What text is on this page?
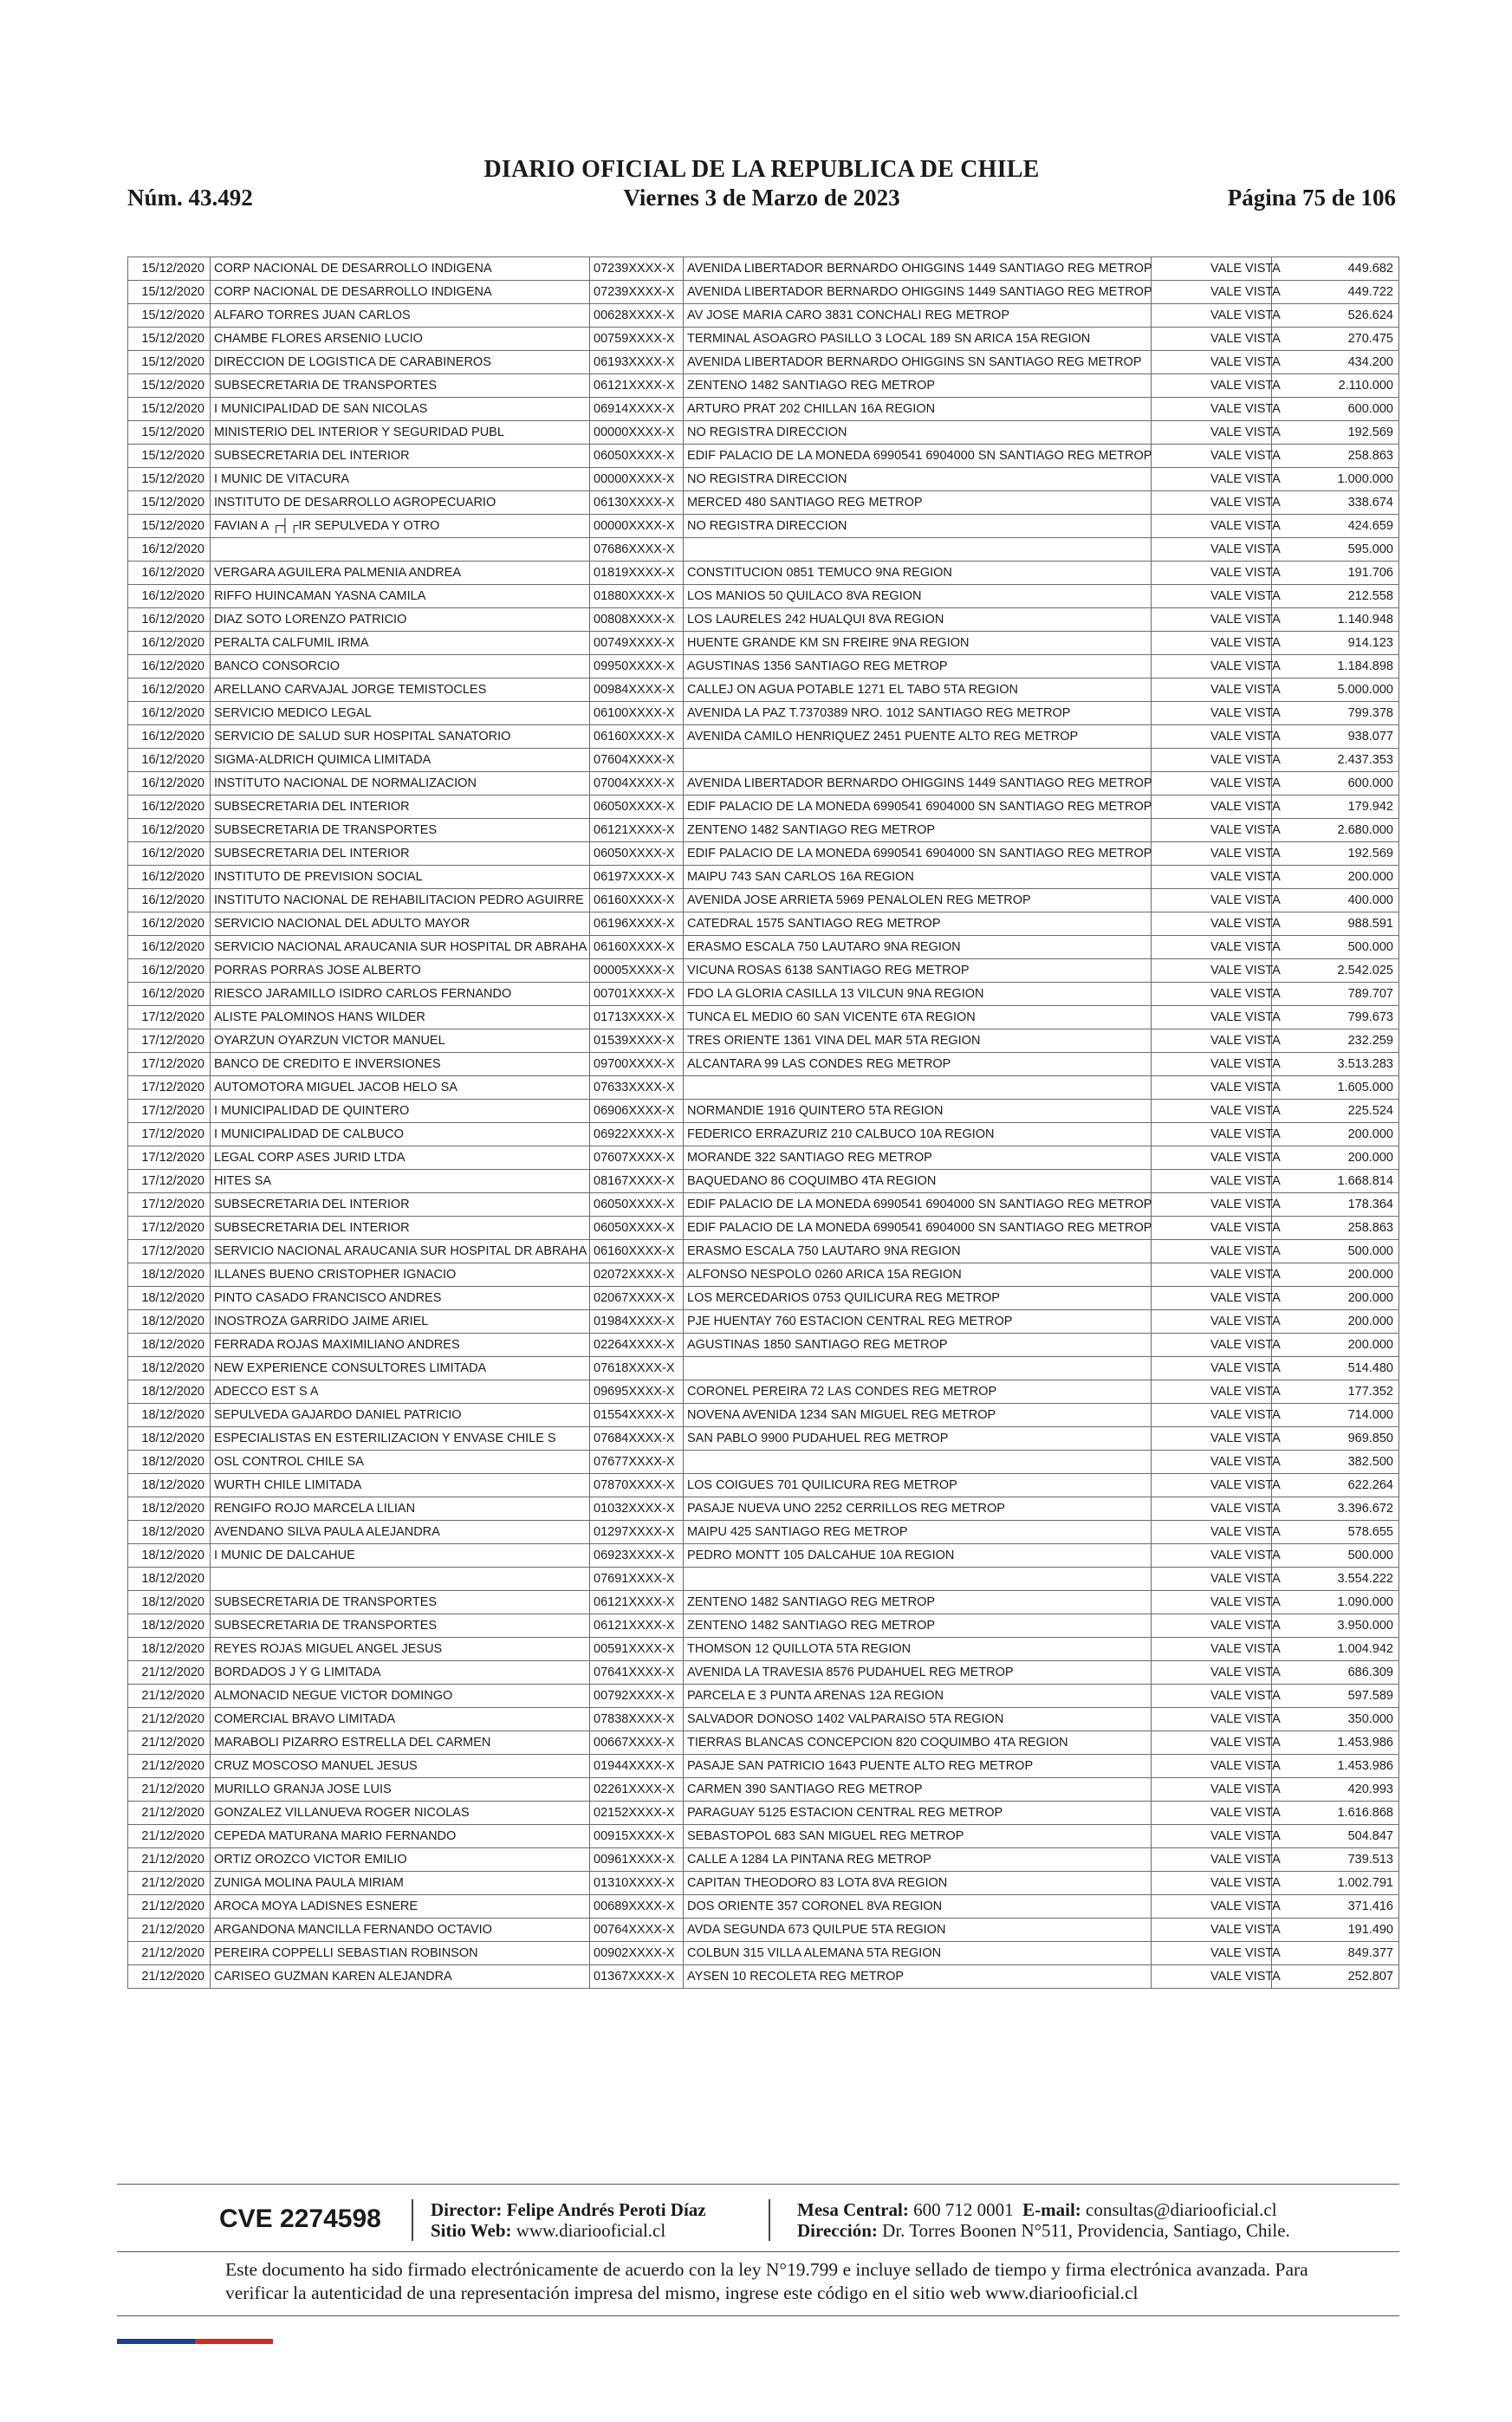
Núm. 43.492
DIARIO OFICIAL DE LA REPUBLICA DE CHILE
Viernes 3 de Marzo de 2023	Página 75 de 106
15/12/2020	CORP NACIONAL DE DESARROLLO INDIGENA	07239XXXX-X	AVENIDA LIBERTADOR BERNARDO OHIGGINS 1449 SANTIAGO REG METROP	VALE VISTA	449.682
15/12/2020	CORP NACIONAL DE DESARROLLO INDIGENA	07239XXXX-X	AVENIDA LIBERTADOR BERNARDO OHIGGINS 1449 SANTIAGO REG METROP	VALE VISTA	449.722
15/12/2020	ALFARO TORRES JUAN CARLOS	00628XXXX-X	AV JOSE MARIA CARO 3831 CONCHALI REG METROP	VALE VISTA	526.624
15/12/2020	CHAMBE FLORES ARSENIO LUCIO	00759XXXX-X	TERMINAL ASOAGRO PASILLO 3 LOCAL 189 SN ARICA 15A REGION	VALE VISTA	270.475
15/12/2020	DIRECCION DE LOGISTICA DE CARABINEROS	06193XXXX-X	AVENIDA LIBERTADOR BERNARDO OHIGGINS SN SANTIAGO REG METROP	VALE VISTA	434.200
15/12/2020	SUBSECRETARIA DE TRANSPORTES	06121XXXX-X	ZENTENO 1482 SANTIAGO REG METROP	VALE VISTA	2.110.000
15/12/2020	I MUNICIPALIDAD DE SAN NICOLAS	06914XXXX-X	ARTURO PRAT 202 CHILLAN 16A REGION	VALE VISTA	600.000
15/12/2020	MINISTERIO DEL INTERIOR Y SEGURIDAD PUBL	00000XXXX-X	NO REGISTRA DIRECCION	VALE VISTA	192.569
15/12/2020	SUBSECRETARIA DEL INTERIOR	06050XXXX-X	EDIF PALACIO DE LA MONEDA 6990541 6904000 SN SANTIAGO REG METROP	VALE VISTA	258.863
15/12/2020	I MUNIC DE VITACURA	00000XXXX-X	NO REGISTRA DIRECCION	VALE VISTA	1.000.000
15/12/2020	INSTITUTO DE DESARROLLO AGROPECUARIO	06130XXXX-X	MERCED 480 SANTIAGO REG METROP	VALE VISTA	338.674
15/12/2020	FAVIAN A ┌┤┌IR SEPULVEDA Y OTRO	00000XXXX-X	NO REGISTRA DIRECCION	VALE VISTA	424.659
16/12/2020		07686XXXX-X		VALE VISTA	595.000
16/12/2020	VERGARA AGUILERA PALMENIA ANDREA	01819XXXX-X	CONSTITUCION 0851 TEMUCO 9NA REGION	VALE VISTA	191.706
16/12/2020	RIFFO HUINCAMAN YASNA CAMILA	01880XXXX-X	LOS MANIOS 50 QUILACO 8VA REGION	VALE VISTA	212.558
16/12/2020	DIAZ SOTO LORENZO PATRICIO	00808XXXX-X	LOS LAURELES 242 HUALQUI 8VA REGION	VALE VISTA	1.140.948
16/12/2020	PERALTA CALFUMIL IRMA	00749XXXX-X	HUENTE GRANDE KM SN FREIRE 9NA REGION	VALE VISTA	914.123
16/12/2020	BANCO CONSORCIO	09950XXXX-X	AGUSTINAS 1356 SANTIAGO REG METROP	VALE VISTA	1.184.898
16/12/2020	ARELLANO CARVAJAL JORGE TEMISTOCLES	00984XXXX-X	CALLEJ ON AGUA POTABLE 1271 EL TABO 5TA REGION	VALE VISTA	5.000.000
16/12/2020	SERVICIO MEDICO LEGAL	06100XXXX-X	AVENIDA LA PAZ T.7370389 NRO. 1012 SANTIAGO REG METROP	VALE VISTA	799.378
16/12/2020	SERVICIO DE SALUD SUR HOSPITAL SANATORIO	06160XXXX-X	AVENIDA CAMILO HENRIQUEZ 2451 PUENTE ALTO REG METROP	VALE VISTA	938.077
16/12/2020	SIGMA-ALDRICH QUIMICA LIMITADA	07604XXXX-X		VALE VISTA	2.437.353
16/12/2020	INSTITUTO NACIONAL DE NORMALIZACION	07004XXXX-X	AVENIDA LIBERTADOR BERNARDO OHIGGINS 1449 SANTIAGO REG METROP	VALE VISTA	600.000
16/12/2020	SUBSECRETARIA DEL INTERIOR	06050XXXX-X	EDIF PALACIO DE LA MONEDA 6990541 6904000 SN SANTIAGO REG METROP	VALE VISTA	179.942
16/12/2020	SUBSECRETARIA DE TRANSPORTES	06121XXXX-X	ZENTENO 1482 SANTIAGO REG METROP	VALE VISTA	2.680.000
16/12/2020	SUBSECRETARIA DEL INTERIOR	06050XXXX-X	EDIF PALACIO DE LA MONEDA 6990541 6904000 SN SANTIAGO REG METROP	VALE VISTA	192.569
16/12/2020	INSTITUTO DE PREVISION SOCIAL	06197XXXX-X	MAIPU 743 SAN CARLOS 16A REGION	VALE VISTA	200.000
16/12/2020	INSTITUTO NACIONAL DE REHABILITACION PEDRO AGUIRRE	06160XXXX-X	AVENIDA JOSE ARRIETA 5969 PENALOLEN REG METROP	VALE VISTA	400.000
16/12/2020	SERVICIO NACIONAL DEL ADULTO MAYOR	06196XXXX-X	CATEDRAL 1575 SANTIAGO REG METROP	VALE VISTA	988.591
16/12/2020	SERVICIO NACIONAL ARAUCANIA SUR HOSPITAL DR ABRAHA	06160XXXX-X	ERASMO ESCALA 750 LAUTARO 9NA REGION	VALE VISTA	500.000
16/12/2020	PORRAS PORRAS JOSE ALBERTO	00005XXXX-X	VICUNA ROSAS 6138 SANTIAGO REG METROP	VALE VISTA	2.542.025
16/12/2020	RIESCO JARAMILLO ISIDRO CARLOS FERNANDO	00701XXXX-X	FDO LA GLORIA CASILLA 13 VILCUN 9NA REGION	VALE VISTA	789.707
17/12/2020	ALISTE PALOMINOS HANS WILDER	01713XXXX-X	TUNCA EL MEDIO 60 SAN VICENTE 6TA REGION	VALE VISTA	799.673
17/12/2020	OYARZUN OYARZUN VICTOR MANUEL	01539XXXX-X	TRES ORIENTE 1361 VINA DEL MAR 5TA REGION	VALE VISTA	232.259
17/12/2020	BANCO DE CREDITO E INVERSIONES	09700XXXX-X	ALCANTARA 99 LAS CONDES REG METROP	VALE VISTA	3.513.283
17/12/2020	AUTOMOTORA MIGUEL JACOB HELO SA	07633XXXX-X		VALE VISTA	1.605.000
17/12/2020	I MUNICIPALIDAD DE QUINTERO	06906XXXX-X	NORMANDIE 1916 QUINTERO 5TA REGION	VALE VISTA	225.524
17/12/2020	I MUNICIPALIDAD DE CALBUCO	06922XXXX-X	FEDERICO ERRAZURIZ 210 CALBUCO 10A REGION	VALE VISTA	200.000
17/12/2020	LEGAL CORP ASES JURID LTDA	07607XXXX-X	MORANDE 322 SANTIAGO REG METROP	VALE VISTA	200.000
17/12/2020	HITES SA	08167XXXX-X	BAQUEDANO 86 COQUIMBO 4TA REGION	VALE VISTA	1.668.814
17/12/2020	SUBSECRETARIA DEL INTERIOR	06050XXXX-X	EDIF PALACIO DE LA MONEDA 6990541 6904000 SN SANTIAGO REG METROP	VALE VISTA	178.364
17/12/2020	SUBSECRETARIA DEL INTERIOR	06050XXXX-X	EDIF PALACIO DE LA MONEDA 6990541 6904000 SN SANTIAGO REG METROP	VALE VISTA	258.863
17/12/2020	SERVICIO NACIONAL ARAUCANIA SUR HOSPITAL DR ABRAHA	06160XXXX-X	ERASMO ESCALA 750 LAUTARO 9NA REGION	VALE VISTA	500.000
18/12/2020	ILLANES BUENO CRISTOPHER IGNACIO	02072XXXX-X	ALFONSO NESPOLO 0260 ARICA 15A REGION	VALE VISTA	200.000
18/12/2020	PINTO CASADO FRANCISCO ANDRES	02067XXXX-X	LOS MERCEDARIOS 0753 QUILICURA REG METROP	VALE VISTA	200.000
18/12/2020	INOSTROZA GARRIDO JAIME ARIEL	01984XXXX-X	PJE HUENTAY 760 ESTACION CENTRAL REG METROP	VALE VISTA	200.000
18/12/2020	FERRADA ROJAS MAXIMILIANO ANDRES	02264XXXX-X	AGUSTINAS 1850 SANTIAGO REG METROP	VALE VISTA	200.000
18/12/2020	NEW EXPERIENCE CONSULTORES LIMITADA	07618XXXX-X		VALE VISTA	514.480
18/12/2020	ADECCO EST S A	09695XXXX-X	CORONEL PEREIRA 72 LAS CONDES REG METROP	VALE VISTA	177.352
18/12/2020	SEPULVEDA GAJARDO DANIEL PATRICIO	01554XXXX-X	NOVENA AVENIDA 1234 SAN MIGUEL REG METROP	VALE VISTA	714.000
18/12/2020	ESPECIALISTAS EN ESTERILIZACION Y ENVASE CHILE S	07684XXXX-X	SAN PABLO 9900 PUDAHUEL REG METROP	VALE VISTA	969.850
18/12/2020	OSL CONTROL CHILE SA	07677XXXX-X		VALE VISTA	382.500
18/12/2020	WURTH CHILE LIMITADA	07870XXXX-X	LOS COIGUES 701 QUILICURA REG METROP	VALE VISTA	622.264
18/12/2020	RENGIFO ROJO MARCELA LILIAN	01032XXXX-X	PASAJE NUEVA UNO 2252 CERRILLOS REG METROP	VALE VISTA	3.396.672
18/12/2020	AVENDANO SILVA PAULA ALEJANDRA	01297XXXX-X	MAIPU 425 SANTIAGO REG METROP	VALE VISTA	578.655
18/12/2020	I MUNIC DE DALCAHUE	06923XXXX-X	PEDRO MONTT 105 DALCAHUE 10A REGION	VALE VISTA	500.000
18/12/2020		07691XXXX-X		VALE VISTA	3.554.222
18/12/2020	SUBSECRETARIA DE TRANSPORTES	06121XXXX-X	ZENTENO 1482 SANTIAGO REG METROP	VALE VISTA	1.090.000
18/12/2020	SUBSECRETARIA DE TRANSPORTES	06121XXXX-X	ZENTENO 1482 SANTIAGO REG METROP	VALE VISTA	3.950.000
18/12/2020	REYES ROJAS MIGUEL ANGEL JESUS	00591XXXX-X	THOMSON 12 QUILLOTA 5TA REGION	VALE VISTA	1.004.942
21/12/2020	BORDADOS J Y G LIMITADA	07641XXXX-X	AVENIDA LA TRAVESIA 8576 PUDAHUEL REG METROP	VALE VISTA	686.309
21/12/2020	ALMONACID NEGUE VICTOR DOMINGO	00792XXXX-X	PARCELA E 3 PUNTA ARENAS 12A REGION	VALE VISTA	597.589
21/12/2020	COMERCIAL BRAVO LIMITADA	07838XXXX-X	SALVADOR DONOSO 1402 VALPARAISO 5TA REGION	VALE VISTA	350.000
21/12/2020	MARABOLI PIZARRO ESTRELLA DEL CARMEN	00667XXXX-X	TIERRAS BLANCAS CONCEPCION 820 COQUIMBO 4TA REGION	VALE VISTA	1.453.986
21/12/2020	CRUZ MOSCOSO MANUEL JESUS	01944XXXX-X	PASAJE SAN PATRICIO 1643 PUENTE ALTO REG METROP	VALE VISTA	1.453.986
21/12/2020	MURILLO GRANJA JOSE LUIS	02261XXXX-X	CARMEN 390 SANTIAGO REG METROP	VALE VISTA	420.993
21/12/2020	GONZALEZ VILLANUEVA ROGER NICOLAS	02152XXXX-X	PARAGUAY 5125 ESTACION CENTRAL REG METROP	VALE VISTA	1.616.868
21/12/2020	CEPEDA MATURANA MARIO FERNANDO	00915XXXX-X	SEBASTOPOL 683 SAN MIGUEL REG METROP	VALE VISTA	504.847
21/12/2020	ORTIZ OROZCO VICTOR EMILIO	00961XXXX-X	CALLE A 1284 LA PINTANA REG METROP	VALE VISTA	739.513
21/12/2020	ZUNIGA MOLINA PAULA MIRIAM	01310XXXX-X	CAPITAN THEODORO 83 LOTA 8VA REGION	VALE VISTA	1.002.791
21/12/2020	AROCA MOYA LADISNES ESNERE	00689XXXX-X	DOS ORIENTE 357 CORONEL 8VA REGION	VALE VISTA	371.416
21/12/2020	ARGANDONA MANCILLA FERNANDO OCTAVIO	00764XXXX-X	AVDA SEGUNDA 673 QUILPUE 5TA REGION	VALE VISTA	191.490
21/12/2020	PEREIRA COPPELLI SEBASTIAN ROBINSON	00902XXXX-X	COLBUN 315 VILLA ALEMANA 5TA REGION	VALE VISTA	849.377
21/12/2020	CARISEO GUZMAN KAREN ALEJANDRA	01367XXXX-X	AYSEN 10 RECOLETA REG METROP	VALE VISTA	252.807
CVE 2274598	Director: Felipe Andrés Peroti Díaz
Sitio Web: www.diariooficial.cl
Mesa Central: 600 712 0001 E-mail: consultas@diariooficial.cl
Dirección: Dr. Torres Boonen N°511, Providencia, Santiago, Chile.
Este documento ha sido firmado electrónicamente de acuerdo con la ley N°19.799 e incluye sellado de tiempo y firma electrónica avanzada. Para verificar la autenticidad de una representación impresa del mismo, ingrese este código en el sitio web www.diariooficial.cl
